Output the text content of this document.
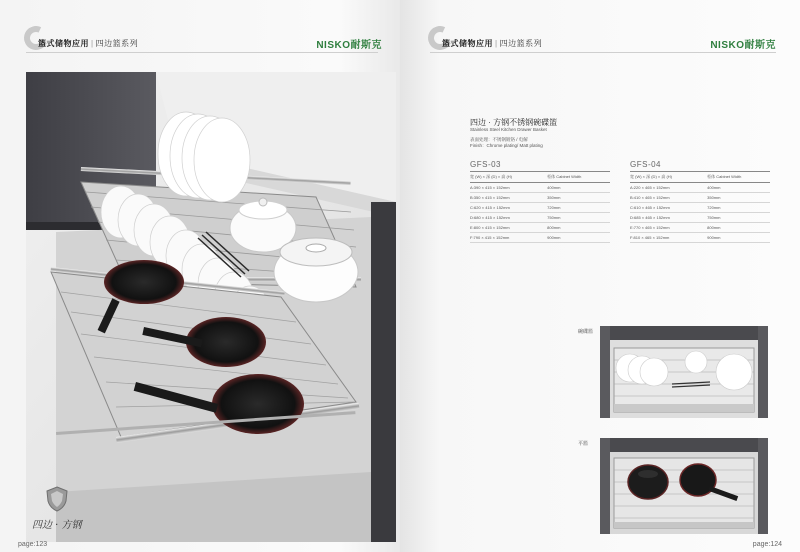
篮式储物应用 | 四边篮系列	NISKO耐斯克
四边 · 方钢
page:123
篮式储物应用 | 四边篮系列	NISKO耐斯克
四边 · 方钢不锈钢碗碟篮
Stainless Steel Kitchen Drawer Basket
表面处理：不锈钢镀铬 / 电解
Finish：Chrome plating/ Matt plating
GFS-03
宽 (W) × 深 (D) × 高 (H)	柜体 Cabinet Width
A:390 × 415 × 152mm	400mm
B:350 × 415 × 152mm	350mm
C:620 × 415 × 152mm	720mm
D:680 × 415 × 152mm	750mm
E:800 × 415 × 152mm	800mm
F:790 × 415 × 152mm	900mm
GFS-04
宽 (W) × 深 (D) × 高 (H)	柜体 Cabinet Width
A:220 × 465 × 152mm	400mm
B:410 × 465 × 152mm	350mm
C:610 × 465 × 152mm	720mm
D:685 × 465 × 152mm	750mm
E:770 × 465 × 152mm	800mm
F:810 × 465 × 152mm	900mm
碗碟篮
平篮
page:124
